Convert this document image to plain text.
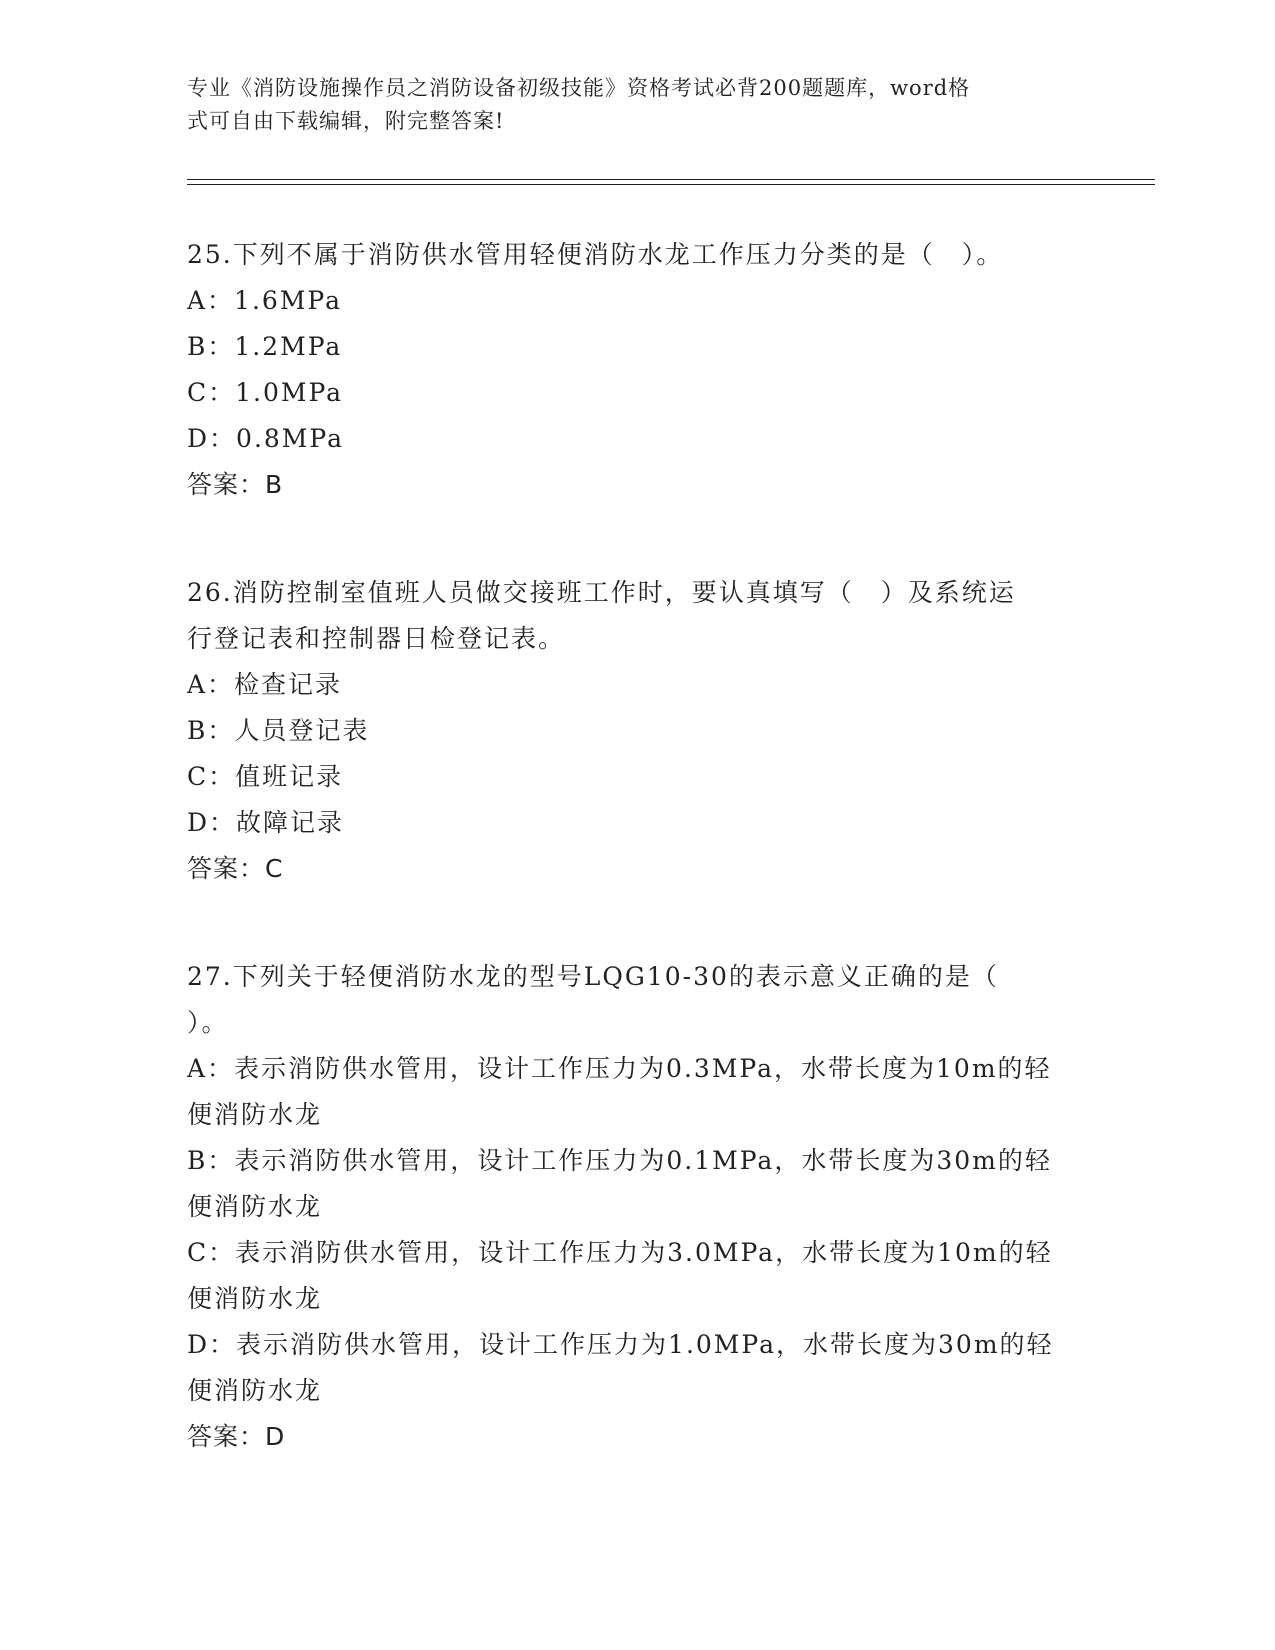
专业《消防设施操作员之消防设备初级技能》资格考试必背200题题库，word格
式可自由下载编辑，附完整答案!

25.下列不属于消防供水管用轻便消防水龙工作压力分类的是（　）。

A：1.6MPa

B：1.2MPa

C：1.0MPa

D：0.8MPa

答案：B

26.消防控制室值班人员做交接班工作时，要认真填写（　）及系统运

行登记表和控制器日检登记表。

A：检查记录

B：人员登记表

C：值班记录

D：故障记录

答案：C

27.下列关于轻便消防水龙的型号LQG10-30的表示意义正确的是（

）。

A：表示消防供水管用，设计工作压力为0.3MPa，水带长度为10m的轻

便消防水龙

B：表示消防供水管用，设计工作压力为0.1MPa，水带长度为30m的轻

便消防水龙

C：表示消防供水管用，设计工作压力为3.0MPa，水带长度为10m的轻

便消防水龙

D：表示消防供水管用，设计工作压力为1.0MPa，水带长度为30m的轻

便消防水龙

答案：D
